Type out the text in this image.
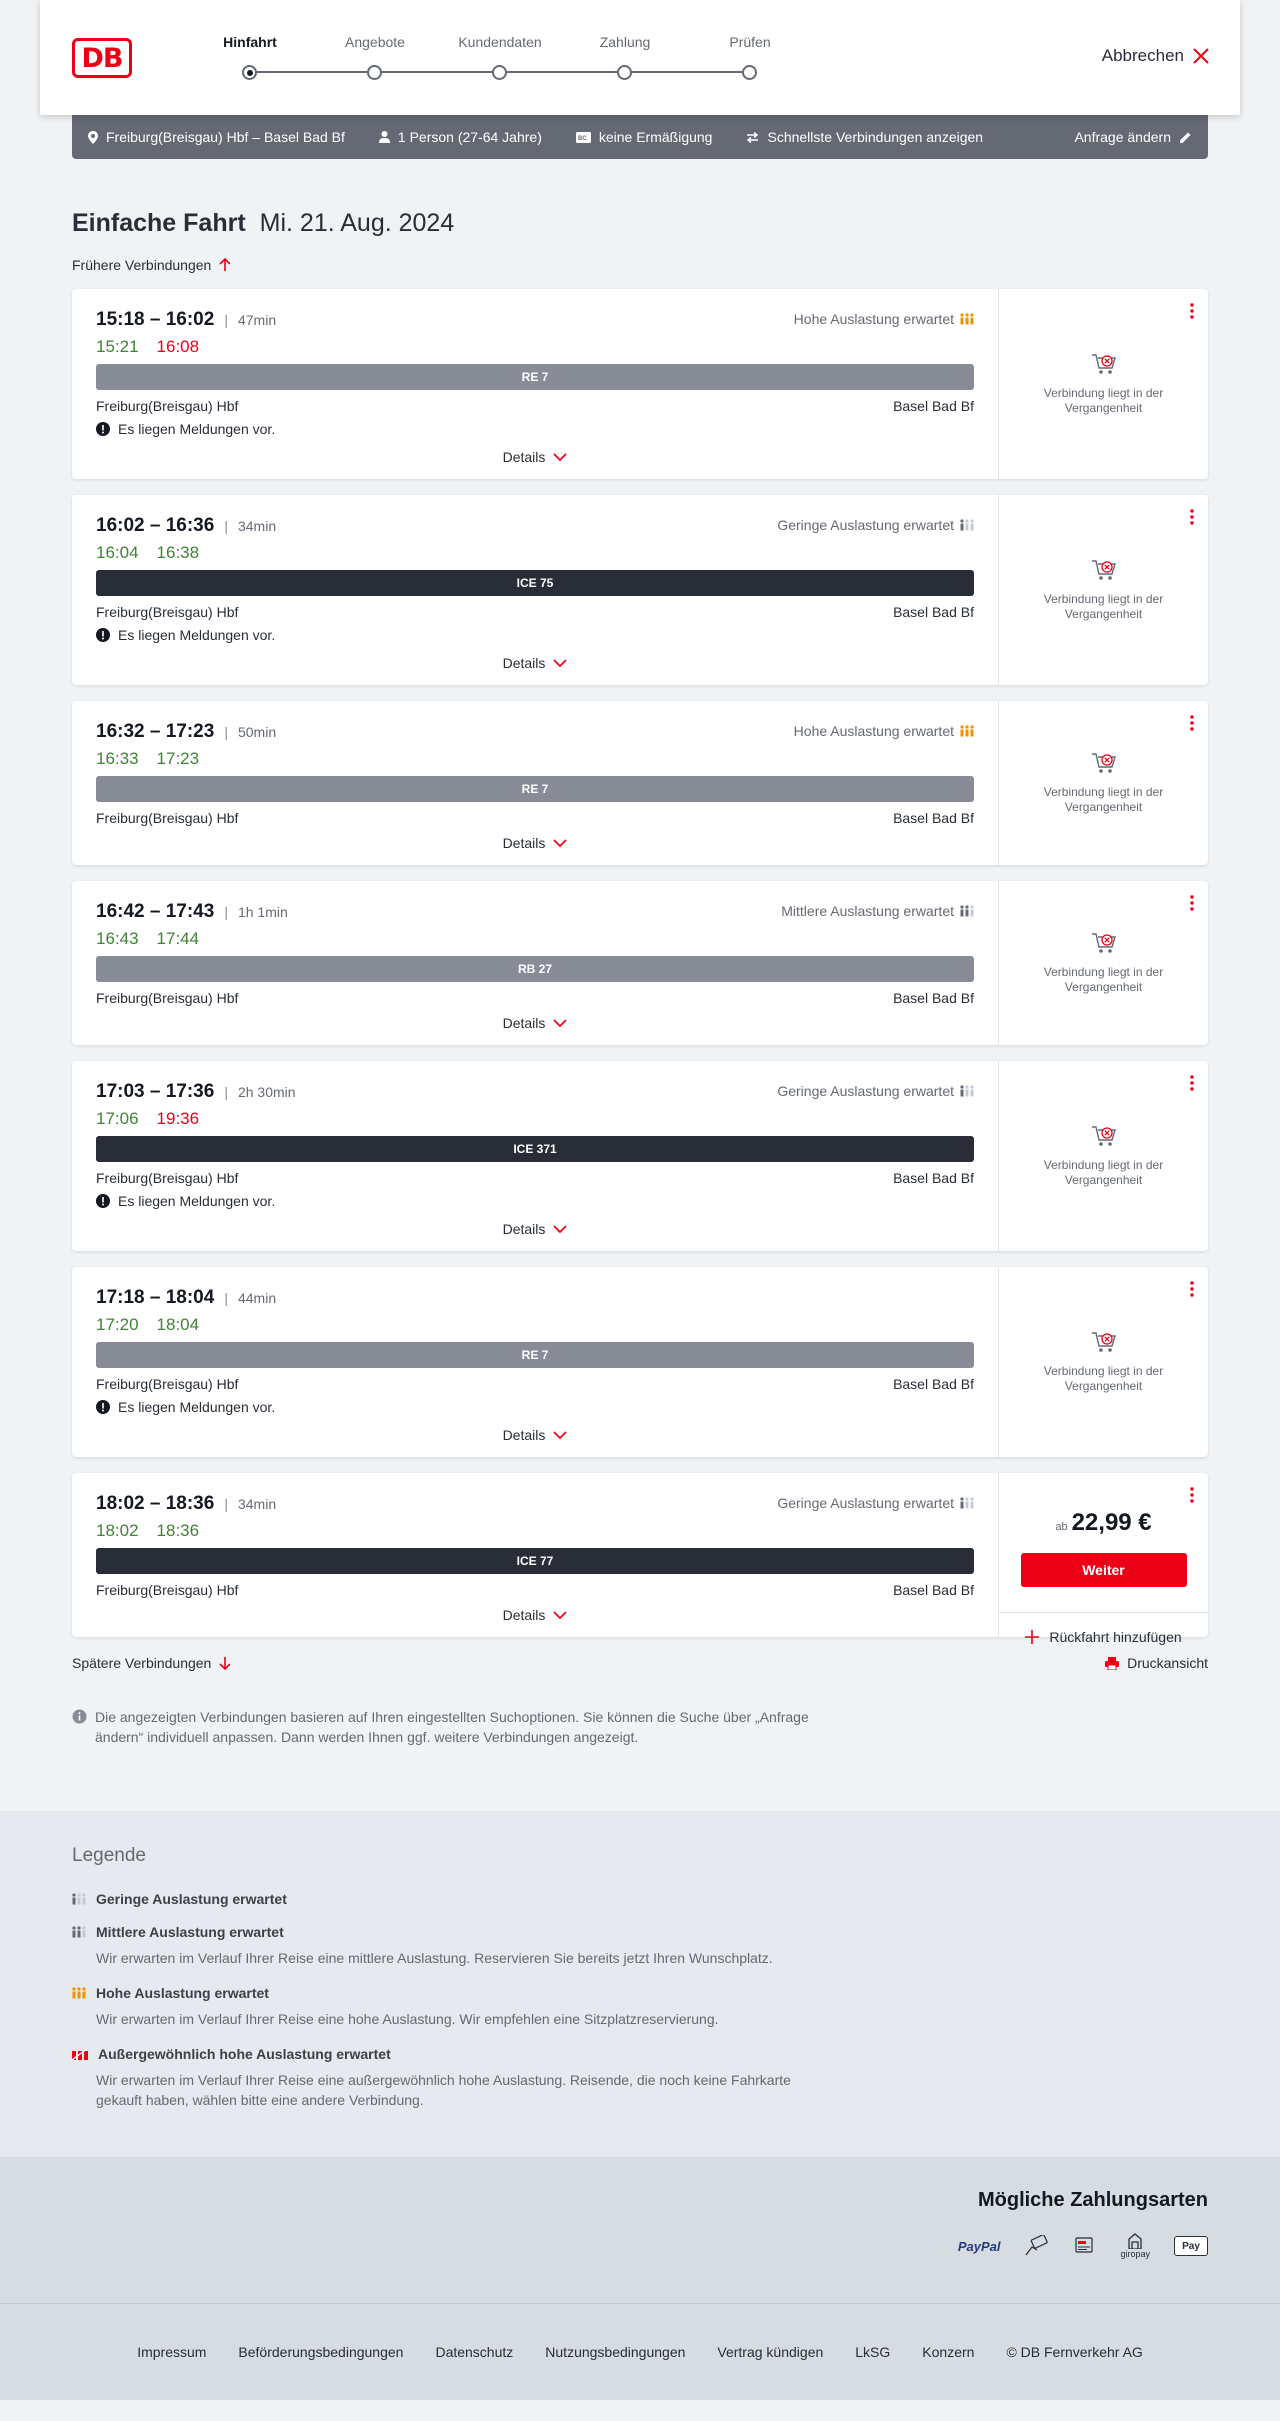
DB
Hinfahrt	Angebote	Kundendaten	Zahlung	Prüfen
Abbrechen
Freiburg(Breisgau) Hbf – Basel Bad Bf	1 Person (27-64 Jahre)	BC keine Ermäßigung	Schnellste Verbindungen anzeigen	Anfrage ändern
Einfache Fahrt Mi. 21. Aug. 2024
Frühere Verbindungen
15:18 – 16:02 | 47min	Hohe Auslastung erwartet
15:21 16:08
RE 7
Freiburg(Breisgau) Hbf	Basel Bad Bf
Es liegen Meldungen vor.
Details
Verbindung liegt in der Vergangenheit
16:02 – 16:36 | 34min	Geringe Auslastung erwartet
16:04 16:38
ICE 75
Freiburg(Breisgau) Hbf	Basel Bad Bf
Es liegen Meldungen vor.
Details
Verbindung liegt in der Vergangenheit
16:32 – 17:23 | 50min	Hohe Auslastung erwartet
16:33 17:23
RE 7
Freiburg(Breisgau) Hbf	Basel Bad Bf
Details
Verbindung liegt in der Vergangenheit
16:42 – 17:43 | 1h 1min	Mittlere Auslastung erwartet
16:43 17:44
RB 27
Freiburg(Breisgau) Hbf	Basel Bad Bf
Details
Verbindung liegt in der Vergangenheit
17:03 – 17:36 | 2h 30min	Geringe Auslastung erwartet
17:06 19:36
ICE 371
Freiburg(Breisgau) Hbf	Basel Bad Bf
Es liegen Meldungen vor.
Details
Verbindung liegt in der Vergangenheit
17:18 – 18:04 | 44min
17:20 18:04
RE 7
Freiburg(Breisgau) Hbf	Basel Bad Bf
Es liegen Meldungen vor.
Details
Verbindung liegt in der Vergangenheit
18:02 – 18:36 | 34min	Geringe Auslastung erwartet
18:02 18:36
ICE 77
Freiburg(Breisgau) Hbf	Basel Bad Bf
Details
ab 22,99 €
Weiter
Rückfahrt hinzufügen
Spätere Verbindungen	Druckansicht
Die angezeigten Verbindungen basieren auf Ihren eingestellten Suchoptionen. Sie können die Suche über „Anfrage ändern“ individuell anpassen. Dann werden Ihnen ggf. weitere Verbindungen angezeigt.
Legende
Geringe Auslastung erwartet
Mittlere Auslastung erwartet
Wir erwarten im Verlauf Ihrer Reise eine mittlere Auslastung. Reservieren Sie bereits jetzt Ihren Wunschplatz.
Hohe Auslastung erwartet
Wir erwarten im Verlauf Ihrer Reise eine hohe Auslastung. Wir empfehlen eine Sitzplatzreservierung.
Außergewöhnlich hohe Auslastung erwartet
Wir erwarten im Verlauf Ihrer Reise eine außergewöhnlich hohe Auslastung. Reisende, die noch keine Fahrkarte gekauft haben, wählen bitte eine andere Verbindung.
Mögliche Zahlungsarten
PayPal
giropay
Pay
Impressum Beförderungsbedingungen Datenschutz Nutzungsbedingungen Vertrag kündigen LkSG Konzern © DB Fernverkehr AG
